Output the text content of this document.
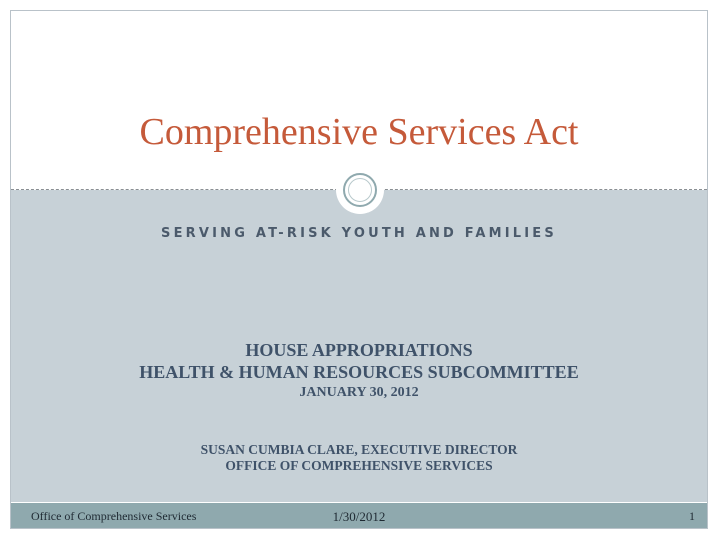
Comprehensive Services Act
SERVING AT-RISK YOUTH AND FAMILIES
HOUSE APPROPRIATIONS
HEALTH & HUMAN RESOURCES SUBCOMMITTEE
JANUARY 30, 2012
SUSAN CUMBIA CLARE, EXECUTIVE DIRECTOR
OFFICE OF COMPREHENSIVE SERVICES
Office of Comprehensive Services	1/30/2012	1
